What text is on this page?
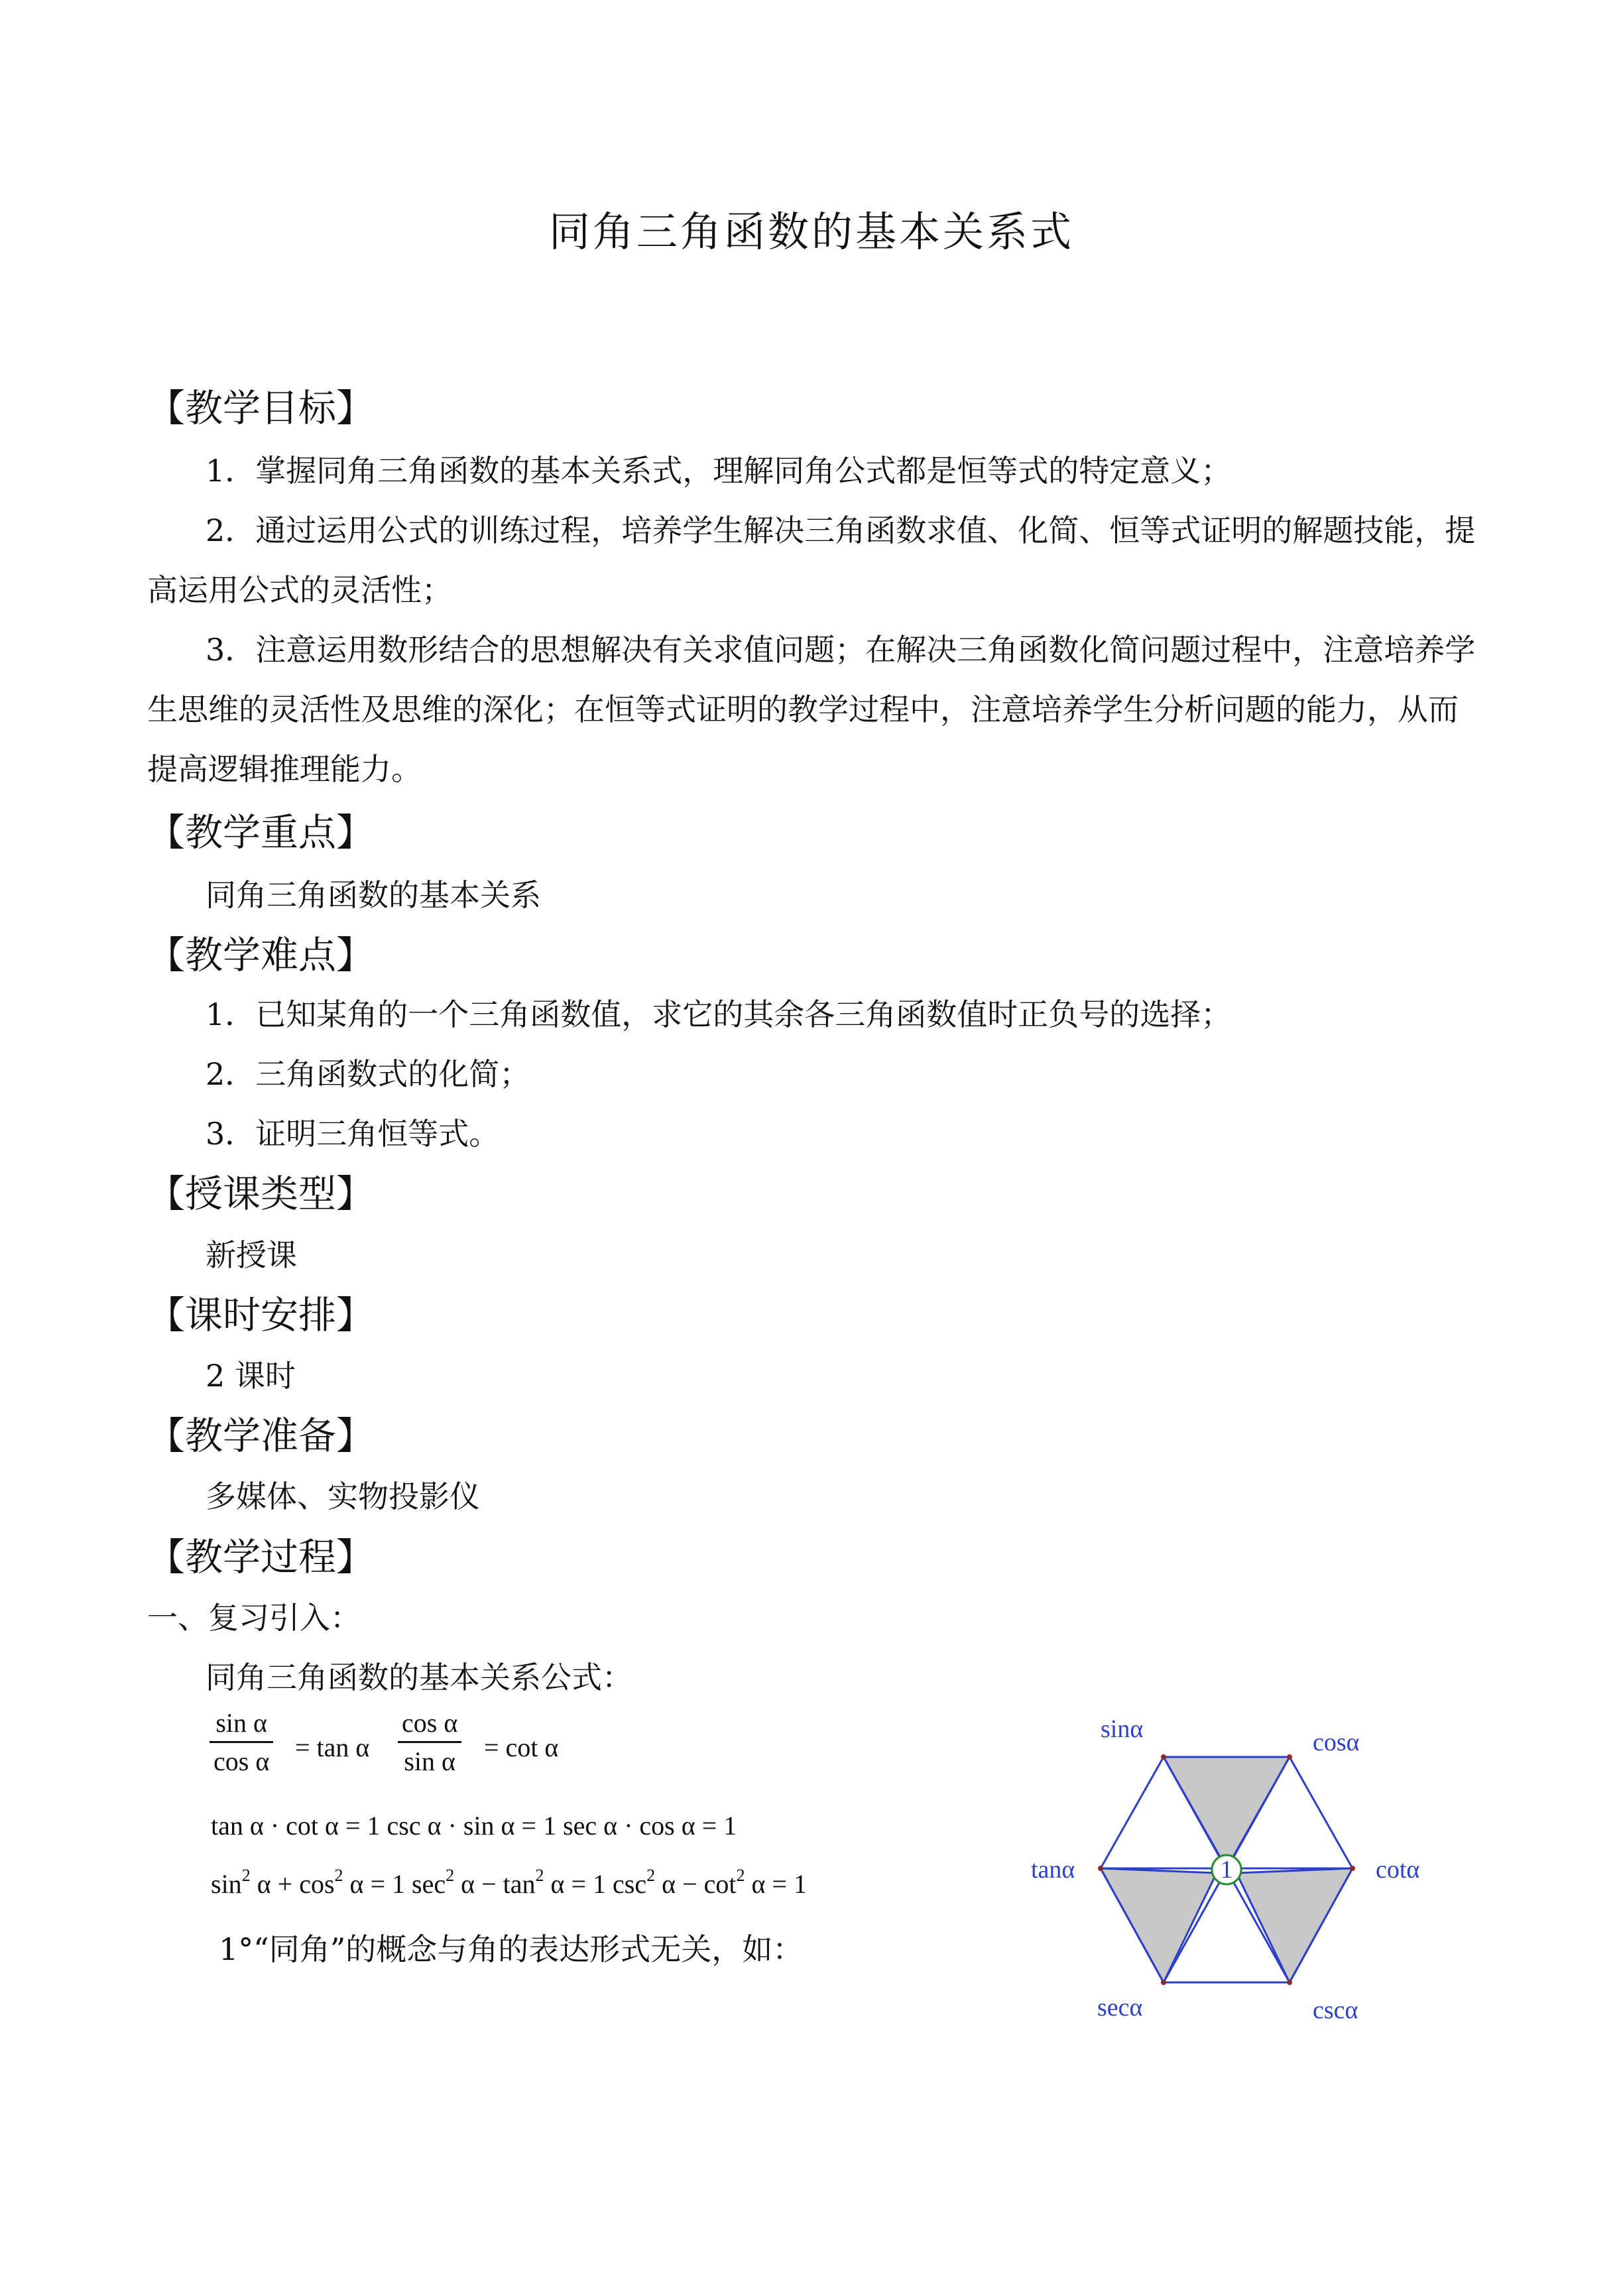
同角三角函数的基本关系式
【教学目标】
1．掌握同角三角函数的基本关系式，理解同角公式都是恒等式的特定意义；
2．通过运用公式的训练过程，培养学生解决三角函数求值、化简、恒等式证明的解题技能，提高运用公式的灵活性；
3．注意运用数形结合的思想解决有关求值问题；在解决三角函数化简问题过程中，注意培养学生思维的灵活性及思维的深化；在恒等式证明的教学过程中，注意培养学生分析问题的能力，从而提高逻辑推理能力。
【教学重点】
同角三角函数的基本关系
【教学难点】
1．已知某角的一个三角函数值，求它的其余各三角函数值时正负号的选择；
2．三角函数式的化简；
3．证明三角恒等式。
【授课类型】
新授课
【课时安排】
2 课时
【教学准备】
多媒体、实物投影仪
【教学过程】
一、复习引入：
同角三角函数的基本关系公式：
$\frac{\text{sin α}}{\text{cos α}} = \tan \alpha \frac{\text{cos α}}{\text{sin α}} = \cot \alpha$
tan α · cot α = 1 csc α · sin α = 1 sec α · cos α = 1
$\sin^2 \alpha + \cos^2 \alpha = 1$ $\sec^2 \alpha - \tan^2 \alpha = 1$ $\csc^2 \alpha - \cot^2 \alpha = 1$
1°“同角”的概念与角的表达形式无关，如：
1
sinα	cosα
tanα	cotα
secα	cscα
